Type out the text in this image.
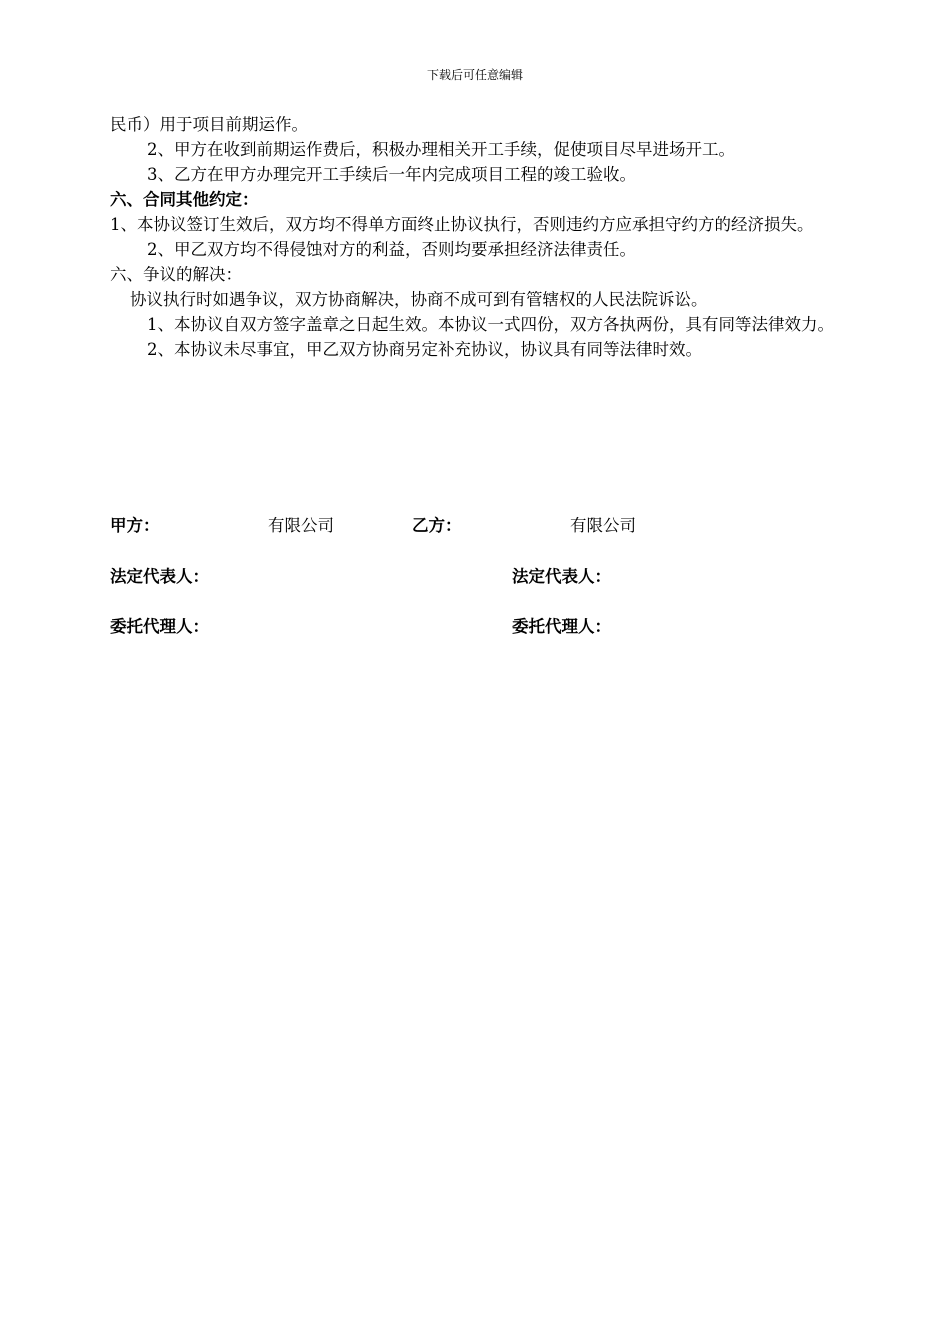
下载后可任意编辑

民币）用于项目前期运作。

2、甲方在收到前期运作费后，积极办理相关开工手续，促使项目尽早进场开工。

3、乙方在甲方办理完开工手续后一年内完成项目工程的竣工验收。

六、合同其他约定：

1、本协议签订生效后，双方均不得单方面终止协议执行，否则违约方应承担守约方的经济损失。

2、甲乙双方均不得侵蚀对方的利益，否则均要承担经济法律责任。

六、争议的解决：

协议执行时如遇争议，双方协商解决，协商不成可到有管辖权的人民法院诉讼。

1、本协议自双方签字盖章之日起生效。本协议一式四份，双方各执两份，具有同等法律效力。

2、本协议未尽事宜，甲乙双方协商另定补充协议，协议具有同等法律时效。

甲方：	有限公司	乙方：	有限公司
法定代表人：	法定代表人：
委托代理人：	委托代理人：
